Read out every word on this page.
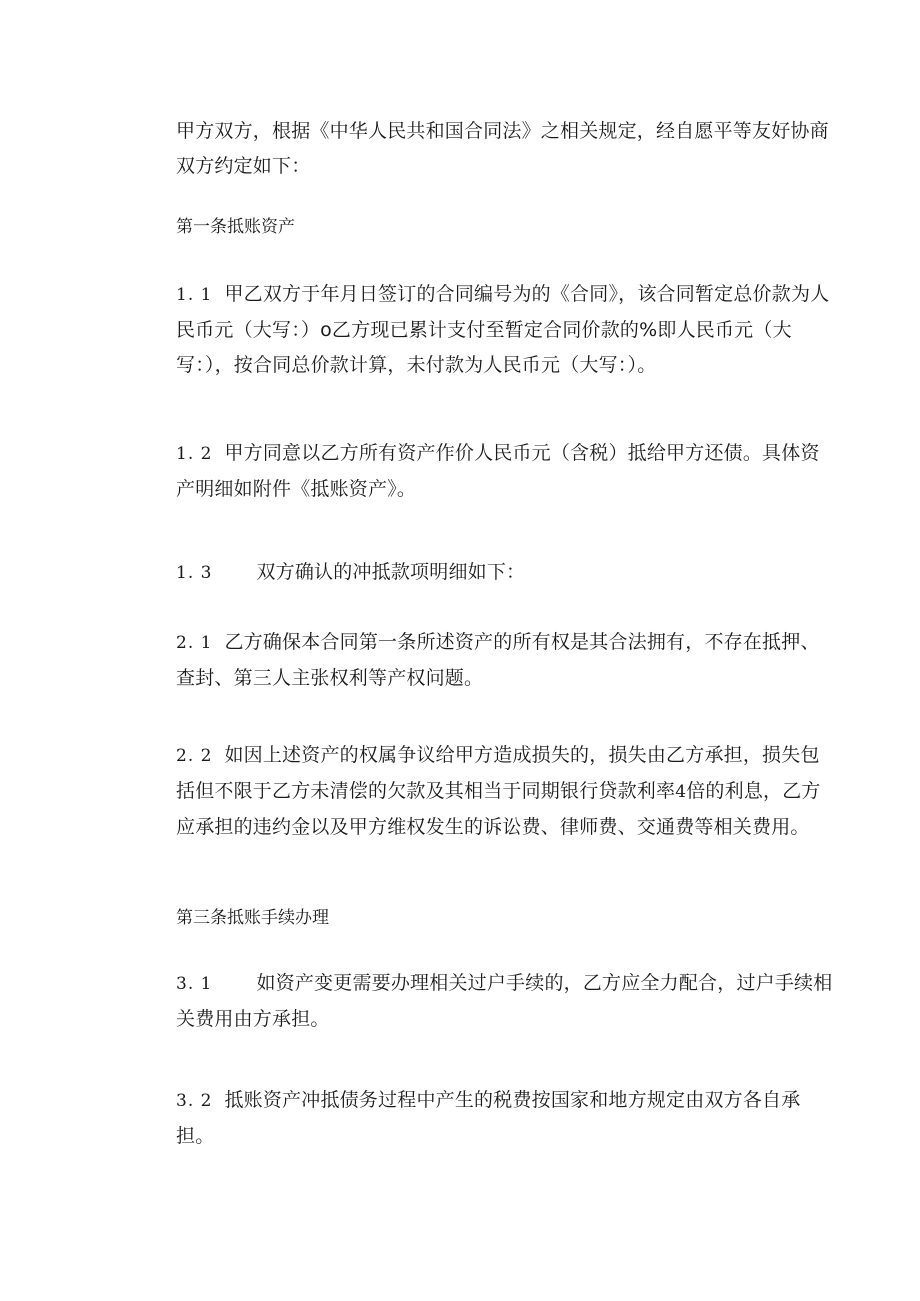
甲方双方，根据《中华人民共和国合同法》之相关规定，经自愿平等友好协商双方约定如下：

第一条抵账资产

1. 1 甲乙双方于年月日签订的合同编号为的《合同》，该合同暂定总价款为人民币元（大写：）o乙方现已累计支付至暂定合同价款的%即人民币元（大写：），按合同总价款计算，未付款为人民币元（大写：）。

1. 2 甲方同意以乙方所有资产作价人民币元（含税）抵给甲方还债。具体资产明细如附件《抵账资产》。

1. 3 双方确认的冲抵款项明细如下：

2. 1 乙方确保本合同第一条所述资产的所有权是其合法拥有，不存在抵押、查封、第三人主张权利等产权问题。

2. 2 如因上述资产的权属争议给甲方造成损失的，损失由乙方承担，损失包括但不限于乙方未清偿的欠款及其相当于同期银行贷款利率4倍的利息，乙方应承担的违约金以及甲方维权发生的诉讼费、律师费、交通费等相关费用。

第三条抵账手续办理

3. 1 如资产变更需要办理相关过户手续的，乙方应全力配合，过户手续相关费用由方承担。

3. 2 抵账资产冲抵债务过程中产生的税费按国家和地方规定由双方各自承担。
